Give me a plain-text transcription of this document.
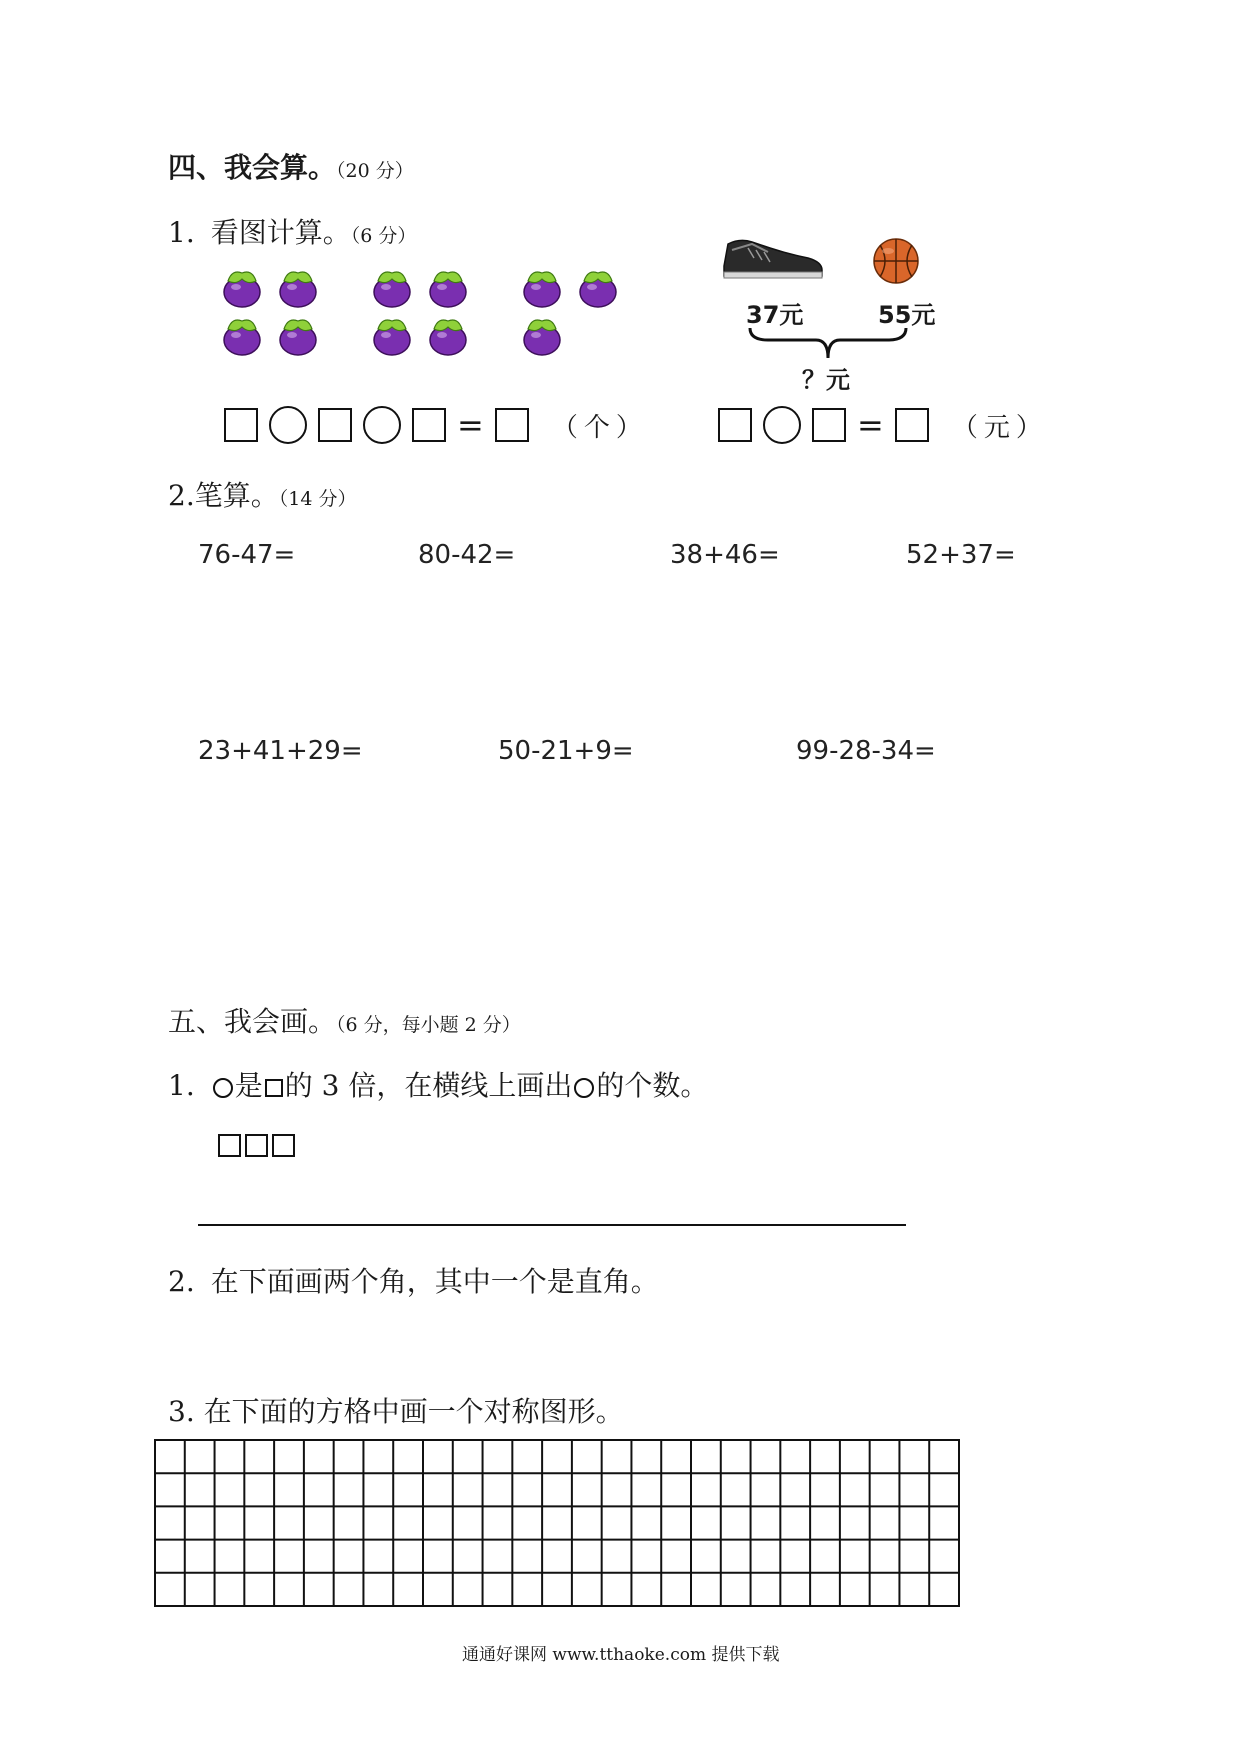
四、我会算。（20 分）
1. 看图计算。（6 分）
37元	55元
？元
=	（个）	=	（元）
2.笔算。（14 分）
76-47=	80-42=	38+46=	52+37=
23+41+29=	50-21+9=	99-28-34=
五、我会画。（6 分，每小题 2 分）
1. 是 的 3 倍，在横线上画出 的个数。
2. 在下面画两个角，其中一个是直角。
3. 在下面的方格中画一个对称图形。
通通好课网 www.tthaoke.com 提供下载
